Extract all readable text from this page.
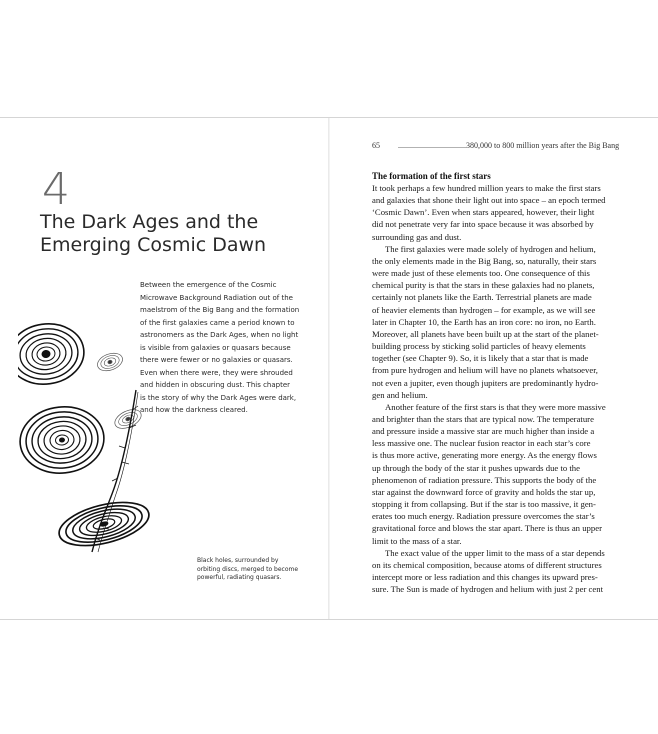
4
The Dark Ages and the
Emerging Cosmic Dawn
Between the emergence of the Cosmic
Microwave Background Radiation out of the
maelstrom of the Big Bang and the formation
of the first galaxies came a period known to
astronomers as the Dark Ages, when no light
is visible from galaxies or quasars because
there were fewer or no galaxies or quasars.
Even when there were, they were shrouded
and hidden in obscuring dust. This chapter
is the story of why the Dark Ages were dark,
and how the darkness cleared.
Black holes, surrounded by
orbiting discs, merged to become
powerful, radiating quasars.
65 ..................................380,000 to 800 million years after the Big Bang
The formation of the first stars
It took perhaps a few hundred million years to make the first stars
and galaxies that shone their light out into space – an epoch termed
‘Cosmic Dawn’. Even when stars appeared, however, their light
did not penetrate very far into space because it was absorbed by
surrounding gas and dust.
The first galaxies were made solely of hydrogen and helium,
the only elements made in the Big Bang, so, naturally, their stars
were made just of these elements too. One consequence of this
chemical purity is that the stars in these galaxies had no planets,
certainly not planets like the Earth. Terrestrial planets are made
of heavier elements than hydrogen – for example, as we will see
later in Chapter 10, the Earth has an iron core: no iron, no Earth.
Moreover, all planets have been built up at the start of the planet-
building process by sticking solid particles of heavy elements
together (see Chapter 9). So, it is likely that a star that is made
from pure hydrogen and helium will have no planets whatsoever,
not even a jupiter, even though jupiters are predominantly hydro-
gen and helium.
Another feature of the first stars is that they were more massive
and brighter than the stars that are typical now. The temperature
and pressure inside a massive star are much higher than inside a
less massive one. The nuclear fusion reactor in each star’s core
is thus more active, generating more energy. As the energy flows
up through the body of the star it pushes upwards due to the
phenomenon of radiation pressure. This supports the body of the
star against the downward force of gravity and holds the star up,
stopping it from collapsing. But if the star is too massive, it gen-
erates too much energy. Radiation pressure overcomes the star’s
gravitational force and blows the star apart. There is thus an upper
limit to the mass of a star.
The exact value of the upper limit to the mass of a star depends
on its chemical composition, because atoms of different structures
intercept more or less radiation and this changes its upward pres-
sure. The Sun is made of hydrogen and helium with just 2 per cent
